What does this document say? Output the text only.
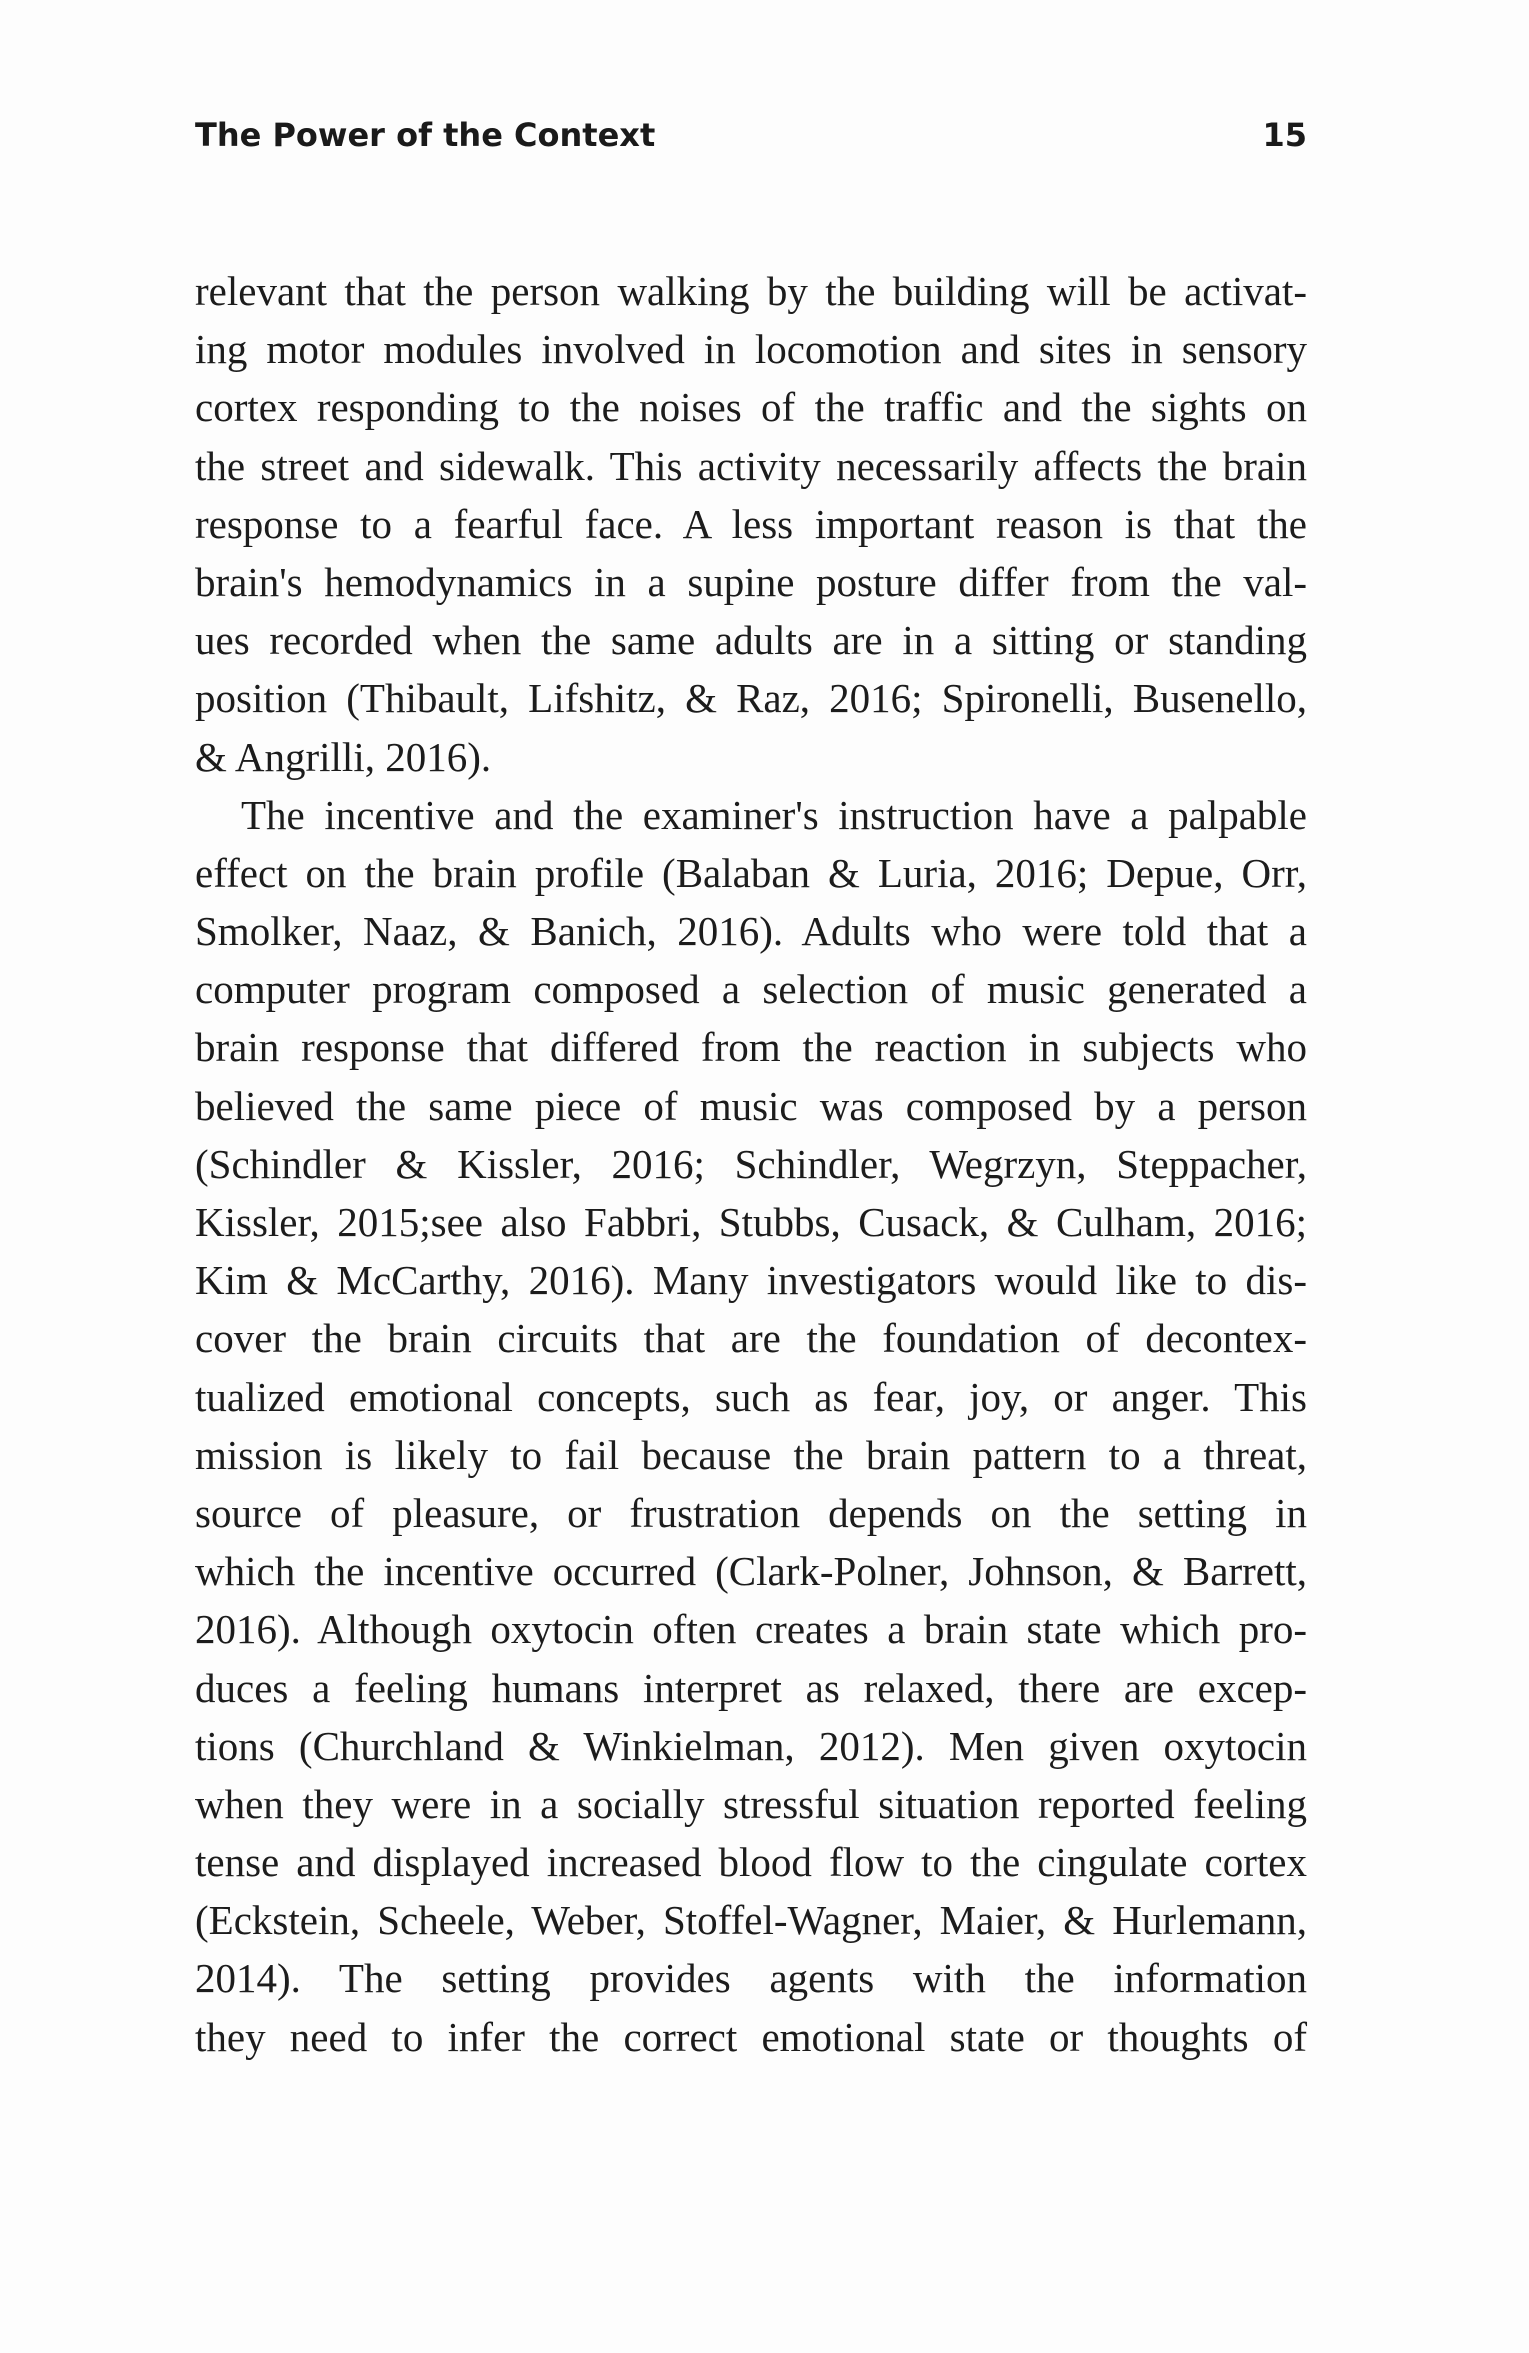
The Power of the Context	15
relevant that the person walking by the building will be activat-
ing motor modules involved in locomotion and sites in sensory
cortex responding to the noises of the traffic and the sights on
the street and sidewalk. This activity necessarily affects the brain
response to a fearful face. A less important reason is that the
brain's hemodynamics in a supine posture differ from the val-
ues recorded when the same adults are in a sitting or standing
position (Thibault, Lifshitz, & Raz, 2016; Spironelli, Busenello,
& Angrilli, 2016).
The incentive and the examiner's instruction have a palpable
effect on the brain profile (Balaban & Luria, 2016; Depue, Orr,
Smolker, Naaz, & Banich, 2016). Adults who were told that a
computer program composed a selection of music generated a
brain response that differed from the reaction in subjects who
believed the same piece of music was composed by a person
(Schindler & Kissler, 2016; Schindler, Wegrzyn, Steppacher,
Kissler, 2015;see also Fabbri, Stubbs, Cusack, & Culham, 2016;
Kim & McCarthy, 2016). Many investigators would like to dis-
cover the brain circuits that are the foundation of decontex-
tualized emotional concepts, such as fear, joy, or anger. This
mission is likely to fail because the brain pattern to a threat,
source of pleasure, or frustration depends on the setting in
which the incentive occurred (Clark-Polner, Johnson, & Barrett,
2016). Although oxytocin often creates a brain state which pro-
duces a feeling humans interpret as relaxed, there are excep-
tions (Churchland & Winkielman, 2012). Men given oxytocin
when they were in a socially stressful situation reported feeling
tense and displayed increased blood flow to the cingulate cortex
(Eckstein, Scheele, Weber, Stoffel-Wagner, Maier, & Hurlemann,
2014). The setting provides agents with the information
they need to infer the correct emotional state or thoughts of
